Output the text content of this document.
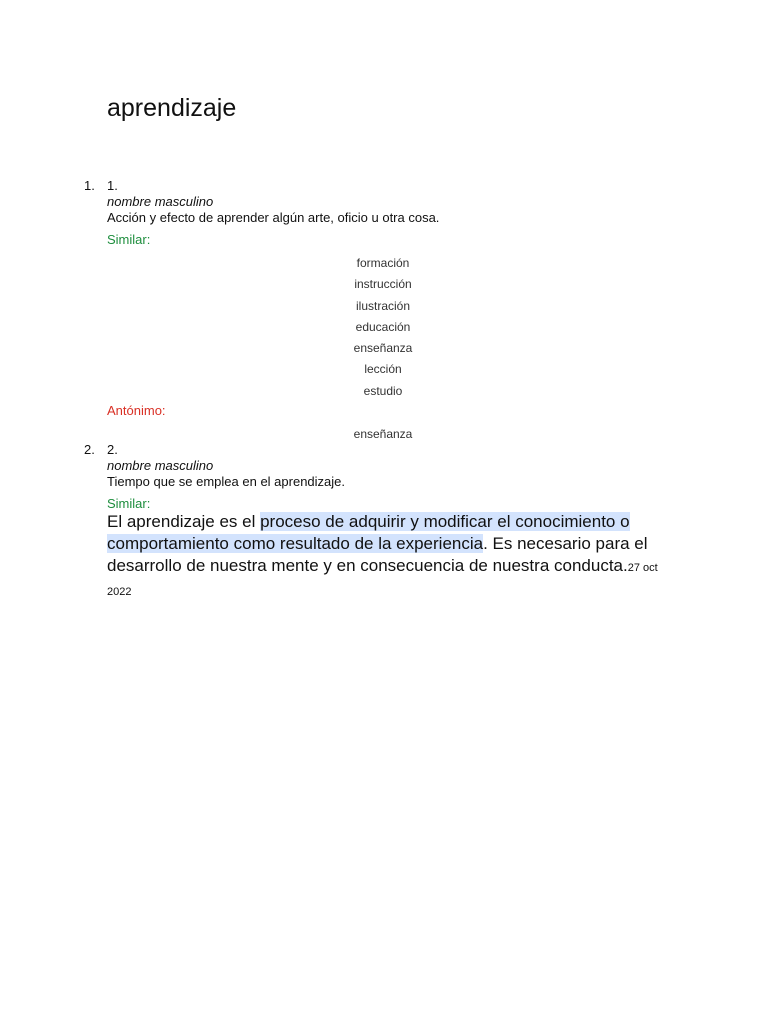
aprendizaje
1. 1.
nombre masculino
Acción y efecto de aprender algún arte, oficio u otra cosa.
Similar:
formación
instrucción
ilustración
educación
enseñanza
lección
estudio
Antónimo:
enseñanza
2. 2.
nombre masculino
Tiempo que se emplea en el aprendizaje.
Similar:
El aprendizaje es el proceso de adquirir y modificar el conocimiento o comportamiento como resultado de la experiencia. Es necesario para el desarrollo de nuestra mente y en consecuencia de nuestra conducta.27 oct 2022
